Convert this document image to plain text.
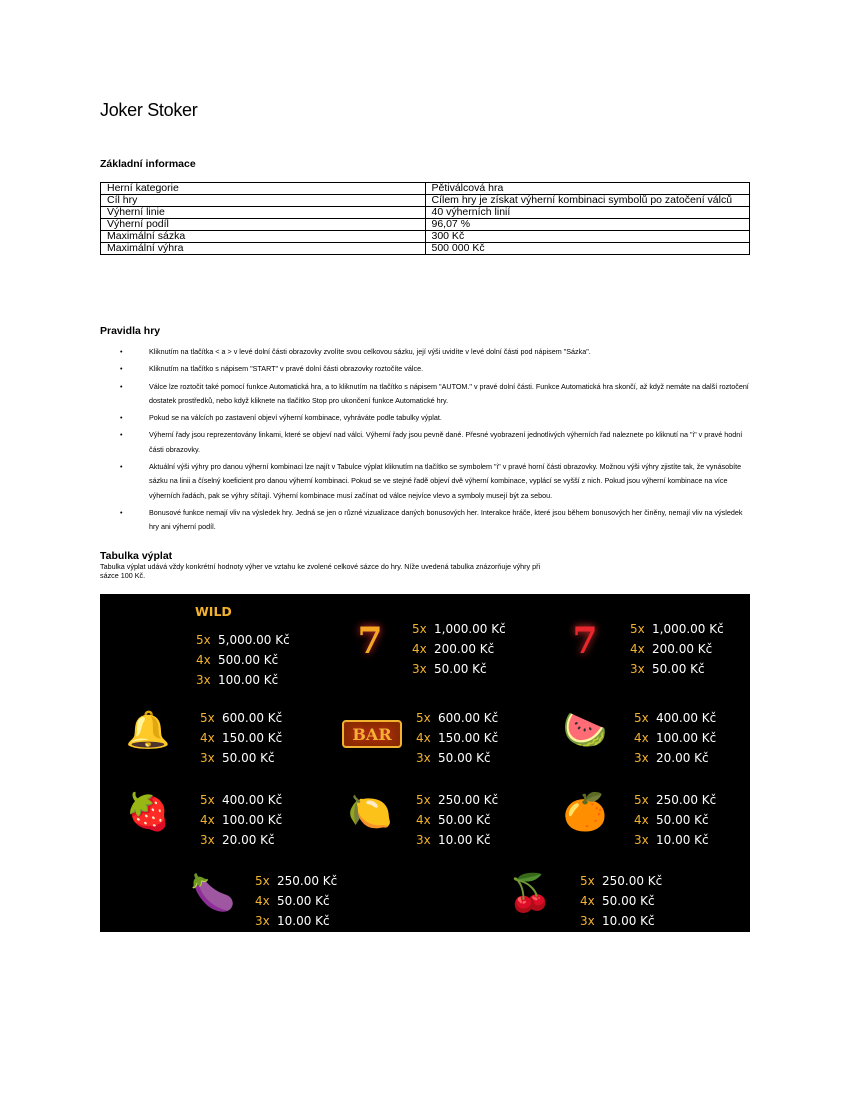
Joker Stoker
Základní informace
Herní kategorie	Pětiválcová hra
Cíl hry	Cílem hry je získat výherní kombinaci symbolů po zatočení válců
Výherní linie	40 výherních linií
Výherní podíl	96,07 %
Maximální sázka	300 Kč
Maximální výhra	500 000 Kč
Pravidla hry
• Kliknutím na tlačítka < a > v levé dolní části obrazovky zvolíte svou celkovou sázku, její výši uvidíte v levé dolní části pod nápisem "Sázka".
• Kliknutím na tlačítko s nápisem "START" v pravé dolní části obrazovky roztočíte válce.
• Válce lze roztočit také pomocí funkce Automatická hra, a to kliknutím na tlačítko s nápisem "AUTOM." v pravé dolní části. Funkce Automatická hra skončí, až když nemáte na další roztočení dostatek prostředků, nebo když kliknete na tlačítko Stop pro ukončení funkce Automatické hry.
• Pokud se na válcích po zastavení objeví výherní kombinace, vyhráváte podle tabulky výplat.
• Výherní řady jsou reprezentovány linkami, které se objeví nad válci. Výherní řady jsou pevně dané. Přesné vyobrazení jednotlivých výherních řad naleznete po kliknutí na "i" v pravé hodní části obrazovky.
• Aktuální výši výhry pro danou výherní kombinaci lze najít v Tabulce výplat kliknutím na tlačítko se symbolem "i" v pravé horní části obrazovky. Možnou výši výhry zjistíte tak, že vynásobíte sázku na linii a číselný koeficient pro danou výherní kombinaci. Pokud se ve stejné řadě objeví dvě výherní kombinace, vyplácí se vyšší z nich. Pokud jsou výherní kombinace na více výherních řadách, pak se výhry sčítají. Výherní kombinace musí začínat od válce nejvíce vlevo a symboly musejí být za sebou.
• Bonusové funkce nemají vliv na výsledek hry. Jedná se jen o různé vizualizace daných bonusových her. Interakce hráče, které jsou během bonusových her činěny, nemají vliv na výsledek hry ani výherní podíl.
Tabulka výplat
Tabulka výplat udává vždy konkrétní hodnoty výher ve vztahu ke zvolené celkové sázce do hry. Níže uvedená tabulka znázorňuje výhry při sázce 100 Kč.
WILD
🃏	5x 5,000.00 Kč
4x 500.00 Kč
3x 100.00 Kč
7	5x 1,000.00 Kč
4x 200.00 Kč
3x 50.00 Kč
7	5x 1,000.00 Kč
4x 200.00 Kč
3x 50.00 Kč
🔔	5x 600.00 Kč
4x 150.00 Kč
3x 50.00 Kč
BAR
5x 600.00 Kč
4x 150.00 Kč
3x 50.00 Kč
🍉	5x 400.00 Kč
4x 100.00 Kč
3x 20.00 Kč
🍓	5x 400.00 Kč
4x 100.00 Kč
3x 20.00 Kč
🍋	5x 250.00 Kč
4x 50.00 Kč
3x 10.00 Kč
🍊	5x 250.00 Kč
4x 50.00 Kč
3x 10.00 Kč
🍆	5x 250.00 Kč
4x 50.00 Kč
3x 10.00 Kč
🍒	5x 250.00 Kč
4x 50.00 Kč
3x 10.00 Kč
